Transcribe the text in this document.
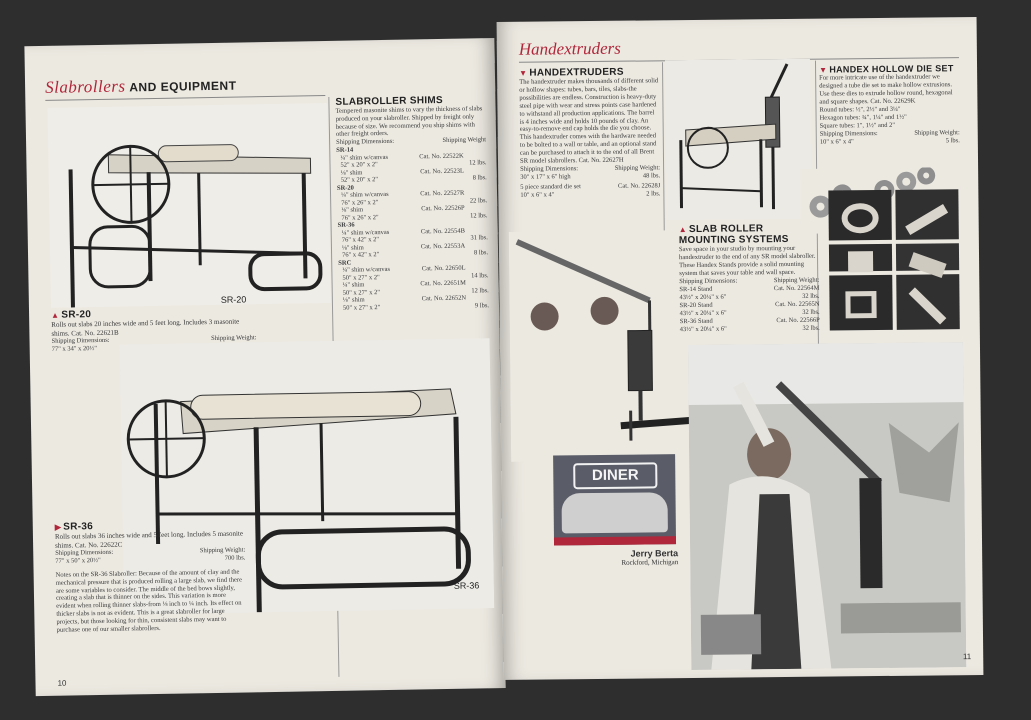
Slabrollers AND EQUIPMENT
SR-20
▲ SR-20
Rolls out slabs 20 inches wide and 5 feet long. Includes 3 masonite shims. Cat. No. 22621B
Shipping Dimensions:	Shipping Weight:
77" x 34" x 20½"
SR-36
▶ SR-36
Rolls out slabs 36 inches wide and 5 feet long. Includes 5 masonite shims. Cat. No. 22622C
Shipping Dimensions:	Shipping Weight:
77" x 50" x 20½"	700 lbs.
Notes on the SR-36 Slabroller: Because of the amount of clay and the mechanical pressure that is produced rolling a large slab, we find there are some variables to consider. The middle of the bed bows slightly, creating a slab that is thinner on the sides. This variation is more evident when rolling thinner slabs-from ⅛ inch to ¼ inch. Its effect on thicker slabs is not as evident. This is a great slabroller for large projects, but those looking for thin, consistent slabs may want to purchase one of our smaller slabrollers.
SLABROLLER SHIMS
Tempered masonite shims to vary the thickness of slabs produced on your slabroller. Shipped by freight only because of size. We recommend you ship shims with other freight orders.
Shipping Dimensions:	Shipping Weight
SR-14		
¼" shim w/canvas	Cat. No. 22522K	
52" x 20" x 2"		12 lbs.
⅛" shim	Cat. No. 22523L	
52" x 20" x 2"		8 lbs.
SR-20		
¼" shim w/canvas	Cat. No. 22527R	
76" x 26" x 2"		22 lbs.
⅛" shim	Cat. No. 22526P	
76" x 26" x 2"		12 lbs.
SR-36		
¼" shim w/canvas	Cat. No. 22554B	
76" x 42" x 2"		31 lbs.
⅛" shim	Cat. No. 22553A	
76" x 42" x 2"		8 lbs.
SRC		
¼" shim w/canvas	Cat. No. 22650L	
50" x 27" x 2"		14 lbs.
¼" shim	Cat. No. 22651M	
50" x 27" x 2"		12 lbs.
⅛" shim	Cat. No. 22652N	
50" x 27" x 2"		9 lbs.
10
Handextruders
▼ HANDEXTRUDERS
The handextruder makes thousands of different solid or hollow shapes: tubes, bars, tiles, slabs-the possibilities are endless. Construction is heavy-duty steel pipe with wear and stress points case hardened to withstand all production applications. The barrel is 4 inches wide and holds 10 pounds of clay. An easy-to-remove end cap holds the die you choose. This handextruder comes with the hardware needed to be bolted to a wall or table, and an optional stand can be purchased to attach it to the end of all Brent SR model slabrollers. Cat. No. 22627H
Shipping Dimensions:	Shipping Weight:
30" x 17" x 6" high	48 lbs.
5 piece standard die set	Cat. No. 22628J
10" x 6" x 4"	2 lbs.
▼ HANDEX HOLLOW DIE SET
For more intricate use of the handextruder we designed a tube die set to make hollow extrusions. Use these dies to extrude hollow round, hexagonal and square shapes. Cat. No. 22629K
Round tubes: ½", 2½" and 3¼"
Hexagon tubes: ¾", 1¼" and 1½"
Square tubes: 1", 1½" and 2"
Shipping Dimensions:	Shipping Weight:
10" x 6" x 4"	5 lbs.
▲ SLAB ROLLER MOUNTING SYSTEMS
Save space in your studio by mounting your handextruder to the end of any SR model slabroller. These Handex Stands provide a solid mounting system that saves your table and wall space.
Shipping Dimensions:	Shipping Weight:
SR-14 Stand	Cat. No. 22564M
43½" x 20¼" x 6"	32 lbs.
SR-20 Stand	Cat. No. 22565N
43½" x 20¼" x 6"	32 lbs.
SR-36 Stand	Cat. No. 22566P
43½" x 20¼" x 6"	32 lbs.
DINER
Jerry Berta
Rockford, Michigan
11
